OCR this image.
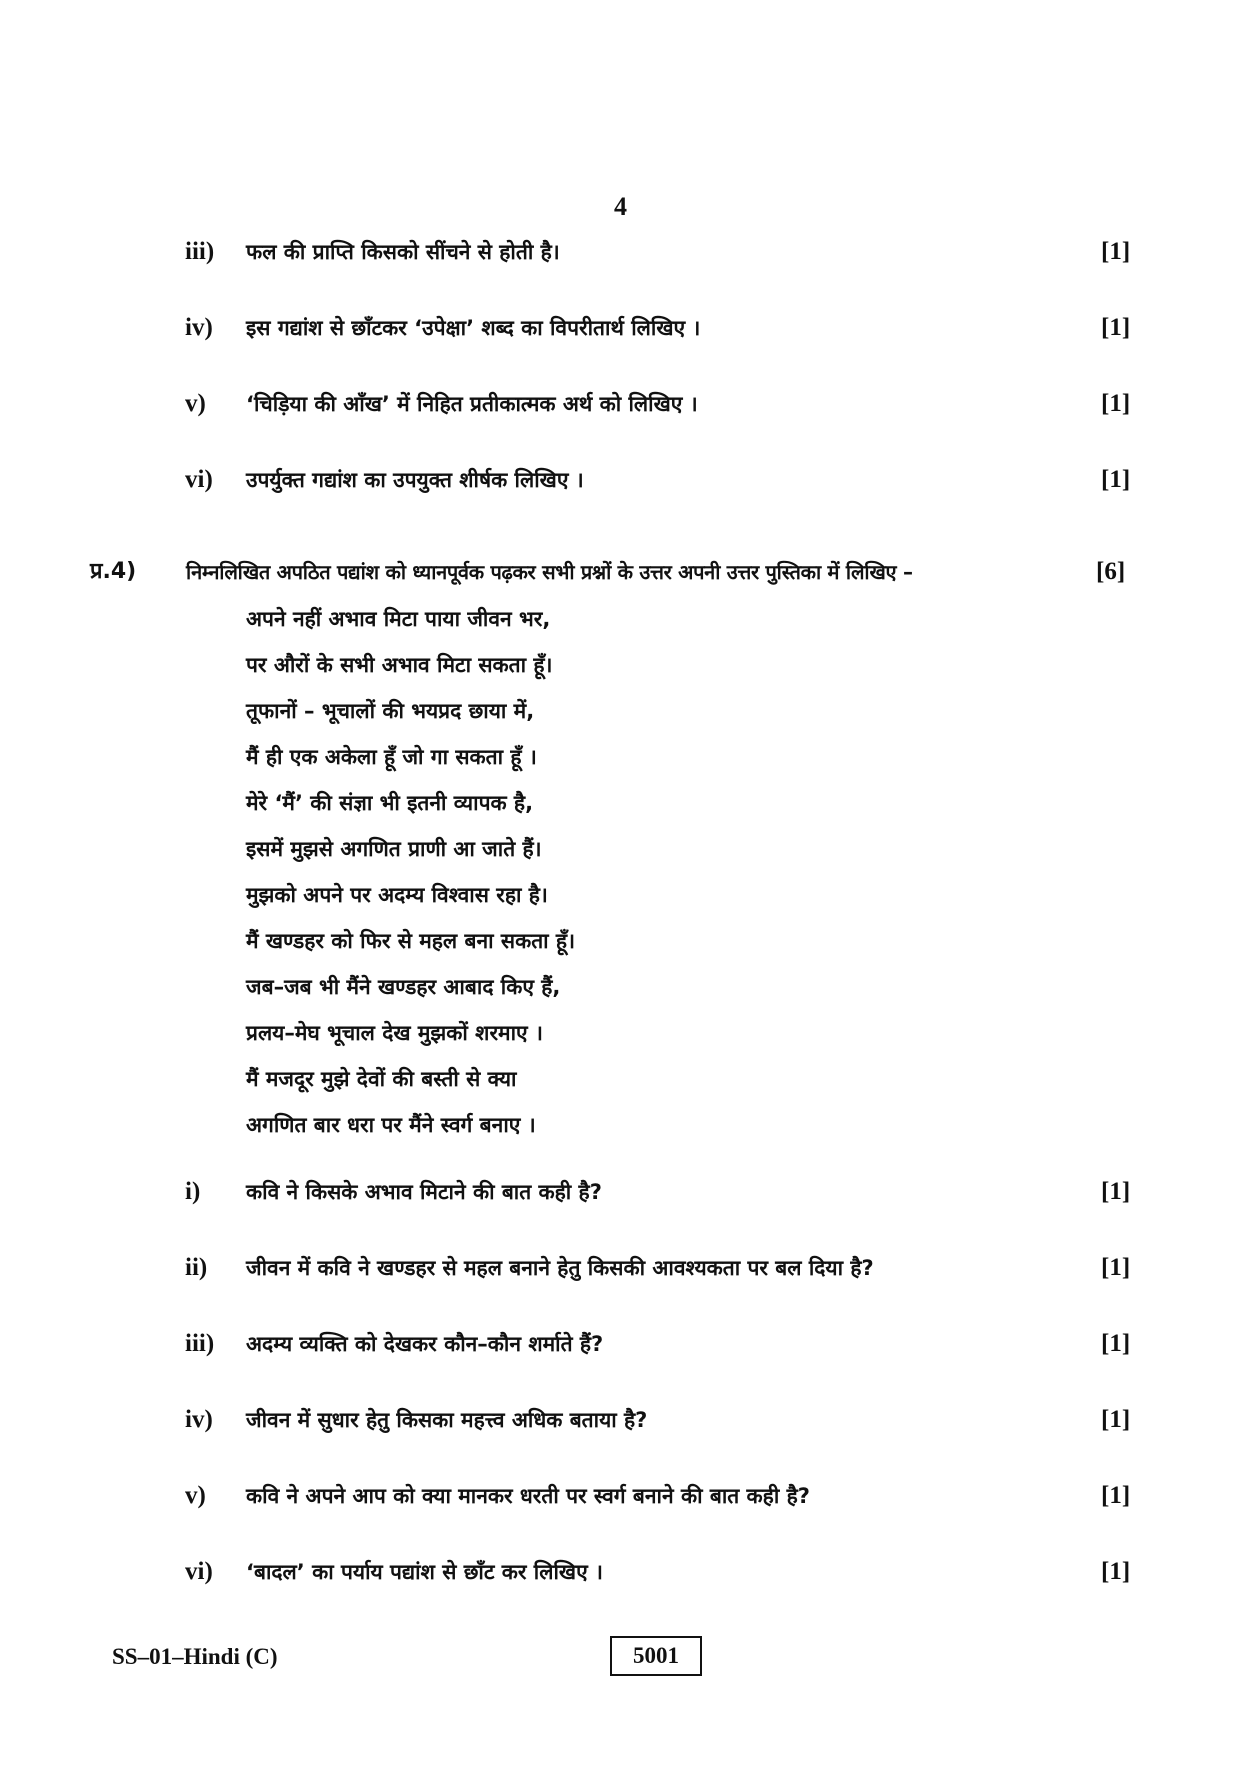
4
iii) फल की प्राप्ति किसको सींचने से होती है।	[1]
iv) इस गद्यांश से छाँटकर ‘उपेक्षा’ शब्द का विपरीतार्थ लिखिए ।	[1]
v) ‘चिड़िया की आँख’ में निहित प्रतीकात्मक अर्थ को लिखिए ।	[1]
vi) उपर्युक्त गद्यांश का उपयुक्त शीर्षक लिखिए ।	[1]
प्र.4) निम्नलिखित अपठित पद्यांश को ध्यानपूर्वक पढ़कर सभी प्रश्नों के उत्तर अपनी उत्तर पुस्तिका में लिखिए –	[6]
अपने नहीं अभाव मिटा पाया जीवन भर,
पर औरों के सभी अभाव मिटा सकता हूँ।
तूफानों – भूचालों की भयप्रद छाया में,
मैं ही एक अकेला हूँ जो गा सकता हूँ ।
मेरे ‘मैं’ की संज्ञा भी इतनी व्यापक है,
इसमें मुझसे अगणित प्राणी आ जाते हैं।
मुझको अपने पर अदम्य विश्वास रहा है।
मैं खण्डहर को फिर से महल बना सकता हूँ।
जब–जब भी मैंने खण्डहर आबाद किए हैं,
प्रलय–मेघ भूचाल देख मुझकों शरमाए ।
मैं मजदूर मुझे देवों की बस्ती से क्या
अगणित बार धरा पर मैंने स्वर्ग बनाए ।
i) कवि ने किसके अभाव मिटाने की बात कही है?	[1]
ii) जीवन में कवि ने खण्डहर से महल बनाने हेतु किसकी आवश्यकता पर बल दिया है?	[1]
iii) अदम्य व्यक्ति को देखकर कौन–कौन शर्माते हैं?	[1]
iv) जीवन में सुधार हेतु किसका महत्त्व अधिक बताया है?	[1]
v) कवि ने अपने आप को क्या मानकर धरती पर स्वर्ग बनाने की बात कही है?	[1]
vi) ‘बादल’ का पर्याय पद्यांश से छाँट कर लिखिए ।	[1]
SS–01–Hindi (C)	5001
